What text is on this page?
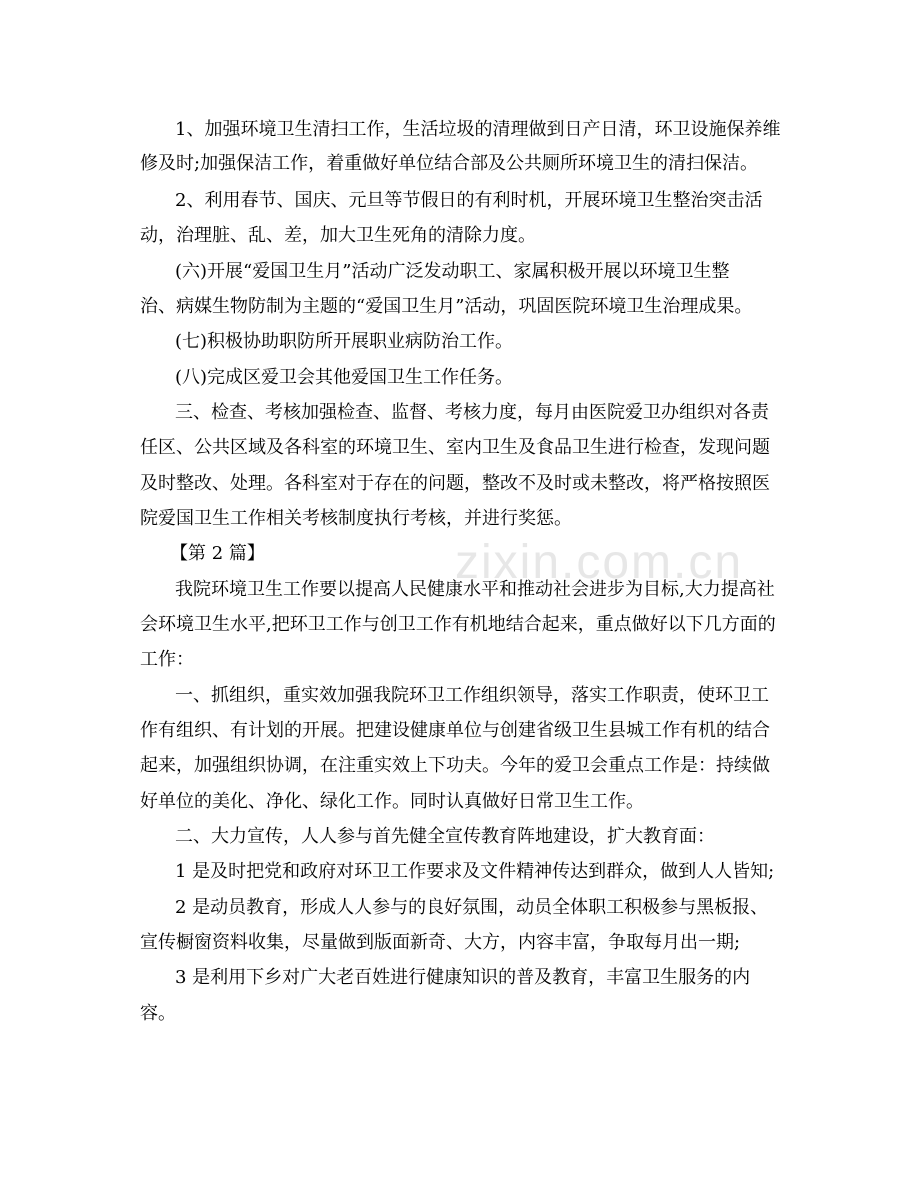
zixin.com.cn

1、加强环境卫生清扫工作，生活垃圾的清理做到日产日清，环卫设施保养维

修及时;加强保洁工作，着重做好单位结合部及公共厕所环境卫生的清扫保洁。

2、利用春节、国庆、元旦等节假日的有利时机，开展环境卫生整治突击活

动，治理脏、乱、差，加大卫生死角的清除力度。

(六)开展“爱国卫生月”活动广泛发动职工、家属积极开展以环境卫生整

治、病媒生物防制为主题的“爱国卫生月”活动，巩固医院环境卫生治理成果。

(七)积极协助职防所开展职业病防治工作。

(八)完成区爱卫会其他爱国卫生工作任务。

三、检查、考核加强检查、监督、考核力度，每月由医院爱卫办组织对各责

任区、公共区域及各科室的环境卫生、室内卫生及食品卫生进行检查，发现问题

及时整改、处理。各科室对于存在的问题，整改不及时或未整改，将严格按照医

院爱国卫生工作相关考核制度执行考核，并进行奖惩。

【第 2 篇】

我院环境卫生工作要以提高人民健康水平和推动社会进步为目标,大力提高社

会环境卫生水平,把环卫工作与创卫工作有机地结合起来，重点做好以下几方面的

工作：

一、抓组织，重实效加强我院环卫工作组织领导，落实工作职责，使环卫工

作有组织、有计划的开展。把建设健康单位与创建省级卫生县城工作有机的结合

起来，加强组织协调，在注重实效上下功夫。今年的爱卫会重点工作是：持续做

好单位的美化、净化、绿化工作。同时认真做好日常卫生工作。

二、大力宣传，人人参与首先健全宣传教育阵地建设，扩大教育面：

1 是及时把党和政府对环卫工作要求及文件精神传达到群众，做到人人皆知;

2 是动员教育，形成人人参与的良好氛围，动员全体职工积极参与黑板报、

宣传橱窗资料收集，尽量做到版面新奇、大方，内容丰富，争取每月出一期;

3 是利用下乡对广大老百姓进行健康知识的普及教育，丰富卫生服务的内

容。
